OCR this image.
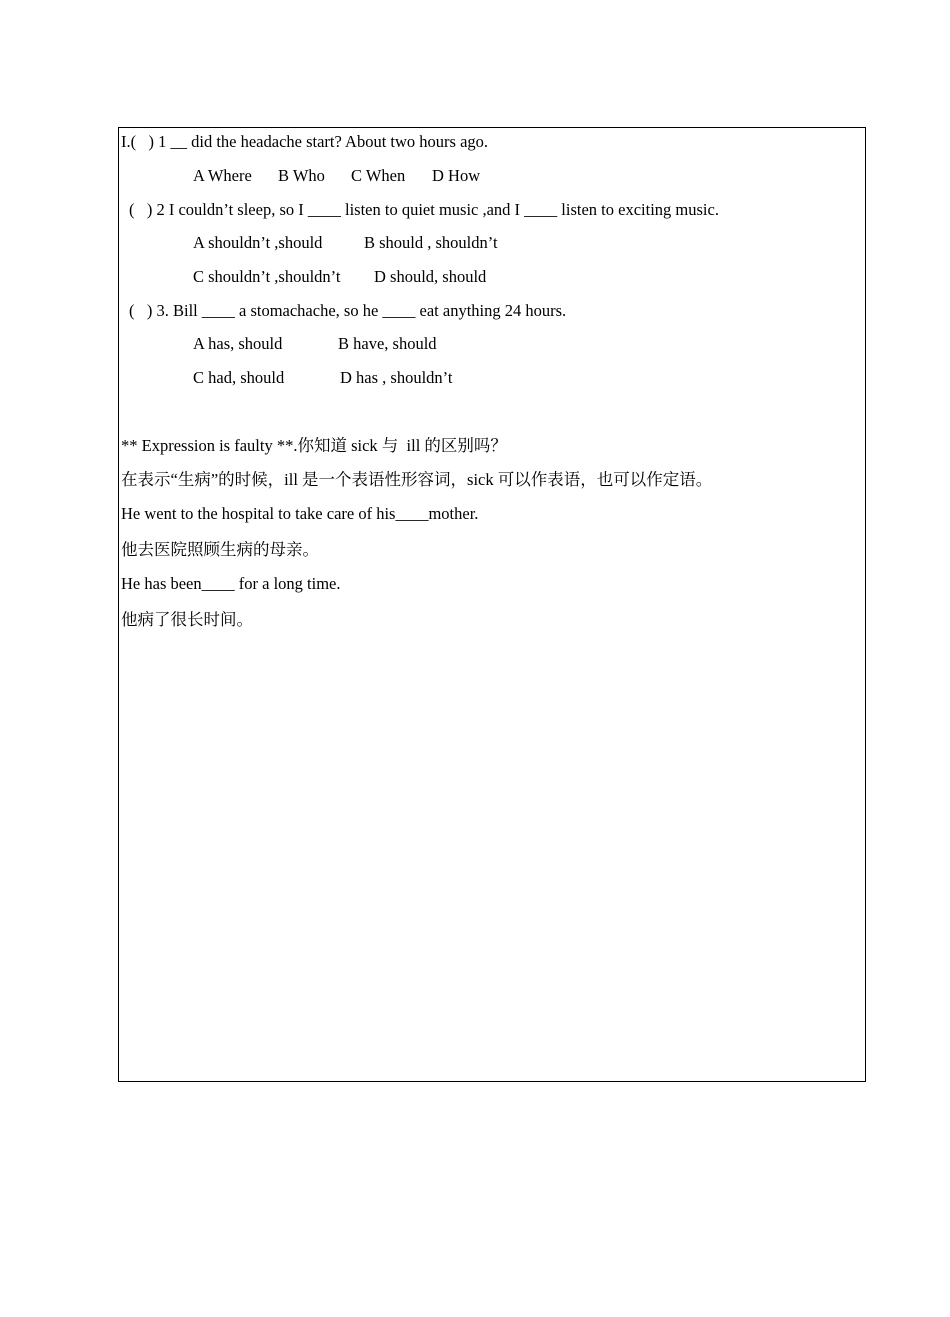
I.(   ) 1 __ did the headache start? About two hours ago.
A Where B Who C When D How
(   ) 2 I couldn’t sleep, so I ____ listen to quiet music ,and I ____ listen to exciting music.
A shouldn’t ,should	B should , shouldn’t
C shouldn’t ,shouldn’t D should, should
(   ) 3. Bill ____ a stomachache, so he ____ eat anything 24 hours.
A has, should	B have, should
C had, should	D has , shouldn’t
** Expression is faulty **.你知道 sick 与  ill 的区别吗？
在表示“生病”的时候，ill 是一个表语性形容词，sick 可以作表语，也可以作定语。
He went to the hospital to take care of his____mother.
他去医院照顾生病的母亲。
He has been____ for a long time.
他病了很长时间。
